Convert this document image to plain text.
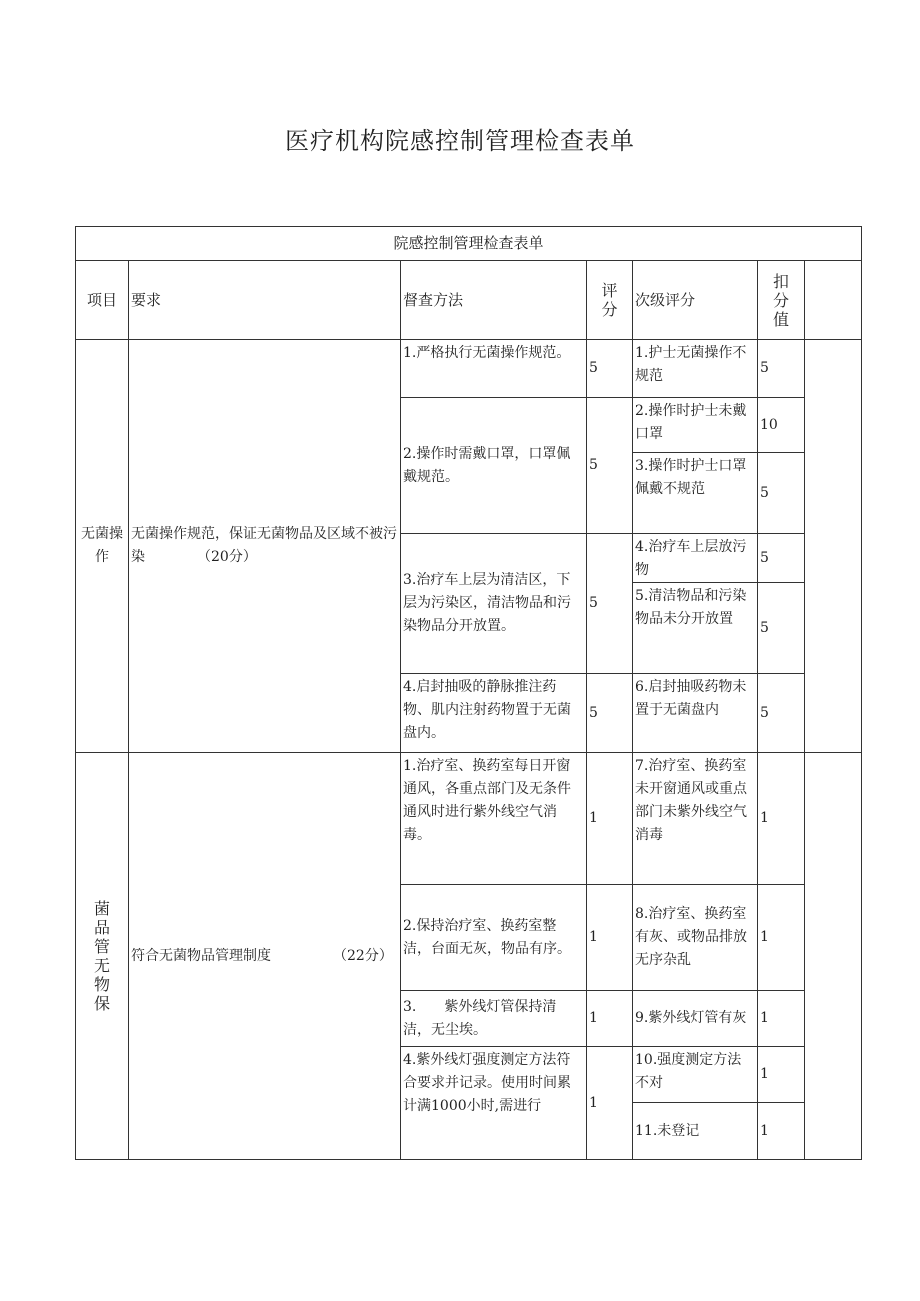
医疗机构院感控制管理检查表单
院感控制管理检查表单						
项目	要求	督查方法	评分	次级评分	扣分值	

无菌操作	无菌操作规范，保证无菌物品及区域不被污染 （20分）	1.严格执行无菌操作规范。	5	1.护士无菌操作不规范	5	
		2.操作时需戴口罩，口罩佩戴规范。	5	2.操作时护士未戴口罩	10	
				3.操作时护士口罩佩戴不规范	5	
		3.治疗车上层为清洁区，下层为污染区，清洁物品和污染物品分开放置。	5	4.治疗车上层放污物	5	
				5.清洁物品和污染物品未分开放置	5	
		4.启封抽吸的静脉推注药物、肌内注射药物置于无菌盘内。	5	6.启封抽吸药物未置于无菌盘内	5	

菌品管无物保	符合无菌物品管理制度 （22分）	1.治疗室、换药室每日开窗通风，各重点部门及无条件通风时进行紫外线空气消毒。	1	7.治疗室、换药室未开窗通风或重点部门未紫外线空气消毒	1	
		2.保持治疗室、换药室整洁，台面无灰，物品有序。	1	8.治疗室、换药室有灰、或物品排放无序杂乱	1	
		3.　　紫外线灯管保持清洁，无尘埃。	1	9.紫外线灯管有灰	1	
		4.紫外线灯强度测定方法符合要求并记录。使用时间累计满1000小时,需进行	1	10.强度测定方法不对	1	
				11.未登记	1	
